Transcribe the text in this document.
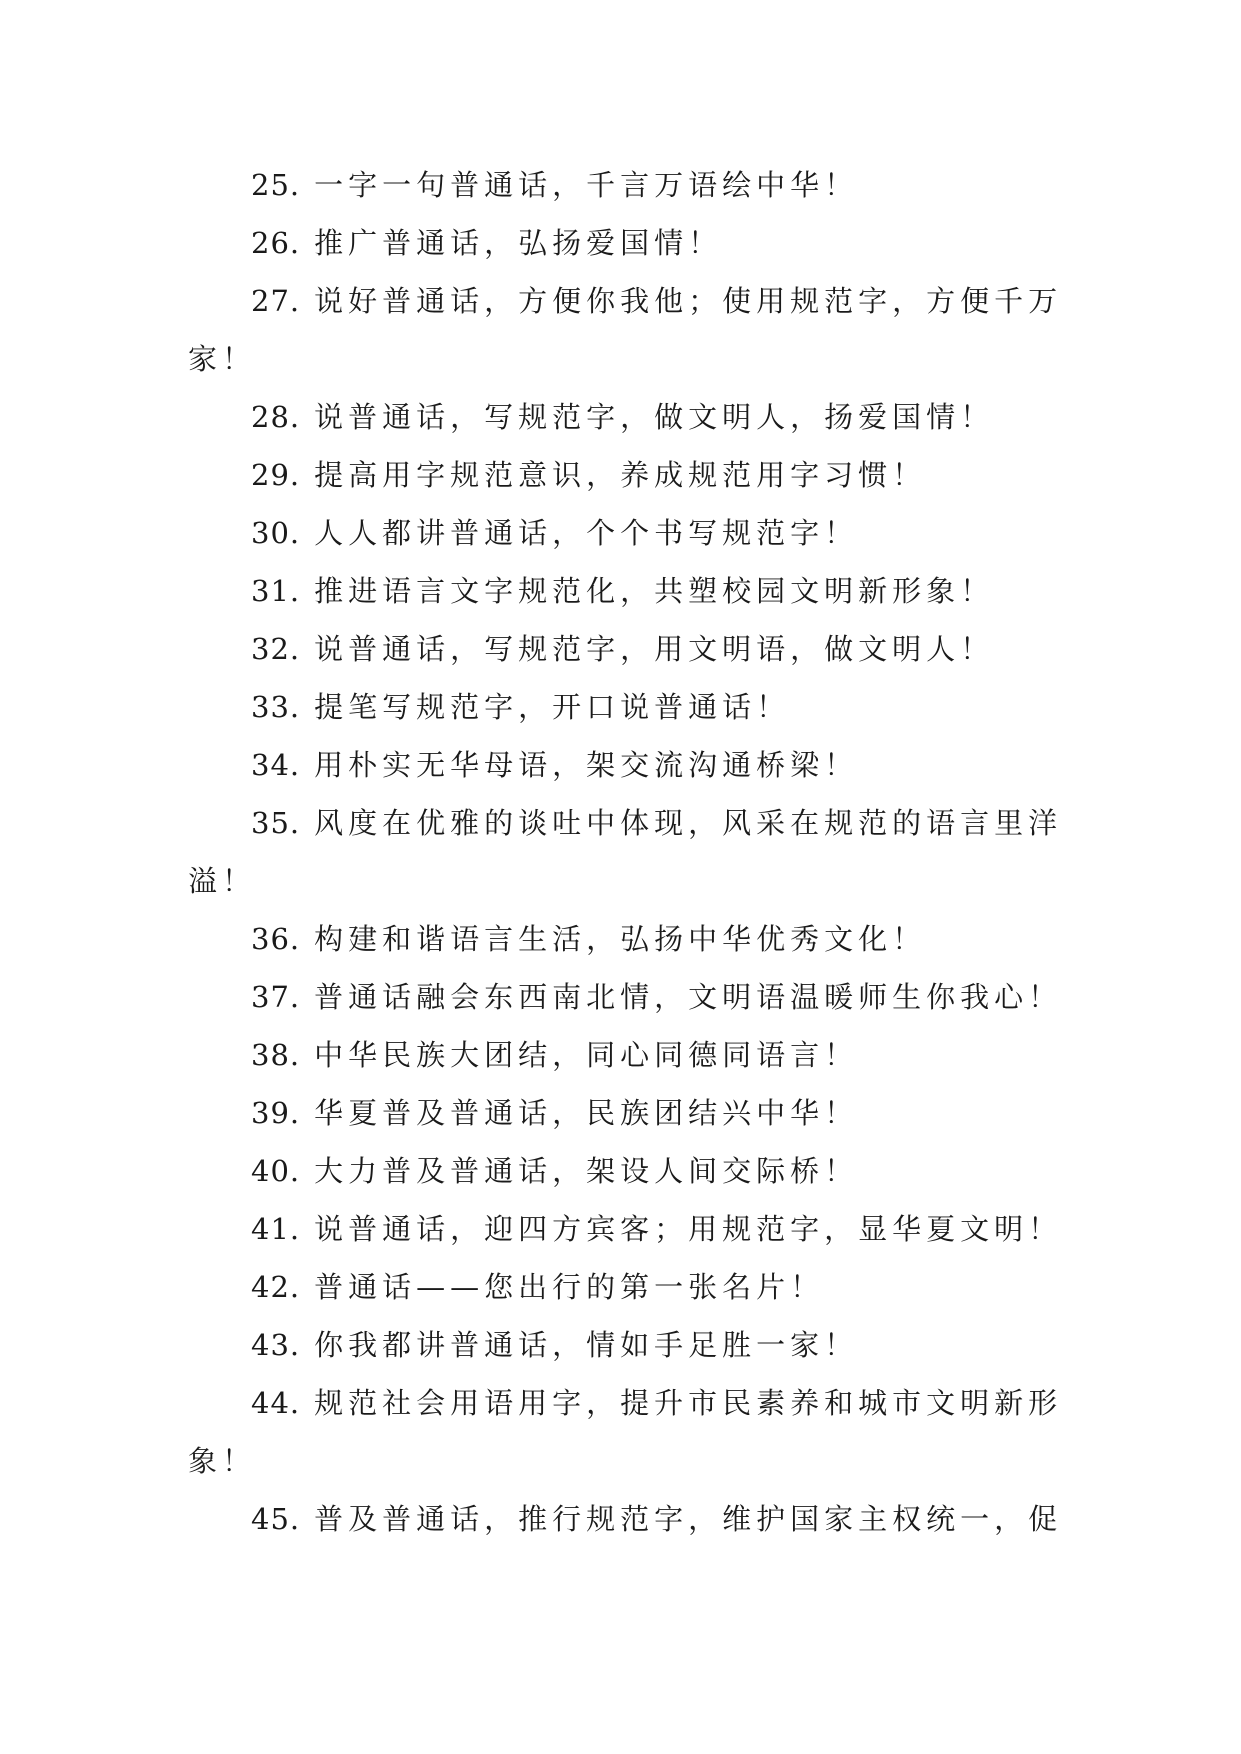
25. 一字一句普通话，千言万语绘中华！
26. 推广普通话，弘扬爱国情！
27. 说好普通话，方便你我他；使用规范字，方便千万
家！
28. 说普通话，写规范字，做文明人，扬爱国情！
29. 提高用字规范意识，养成规范用字习惯！
30. 人人都讲普通话，个个书写规范字！
31. 推进语言文字规范化，共塑校园文明新形象！
32. 说普通话，写规范字，用文明语，做文明人！
33. 提笔写规范字，开口说普通话！
34. 用朴实无华母语，架交流沟通桥梁！
35. 风度在优雅的谈吐中体现，风采在规范的语言里洋
溢！
36. 构建和谐语言生活，弘扬中华优秀文化！
37. 普通话融会东西南北情，文明语温暖师生你我心！
38. 中华民族大团结，同心同德同语言！
39. 华夏普及普通话，民族团结兴中华！
40. 大力普及普通话，架设人间交际桥！
41. 说普通话，迎四方宾客；用规范字，显华夏文明！
42. 普通话——您出行的第一张名片！
43. 你我都讲普通话，情如手足胜一家！
44. 规范社会用语用字，提升市民素养和城市文明新形
象！
45. 普及普通话，推行规范字，维护国家主权统一，促
